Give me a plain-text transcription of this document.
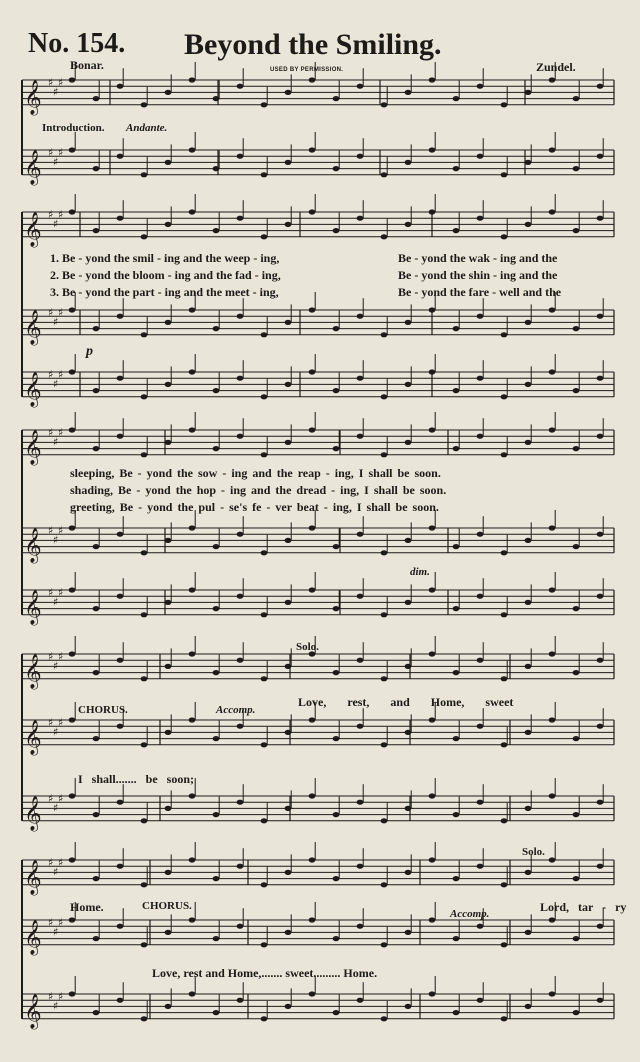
No. 154. Beyond the Smiling.
Bonar.	Zundel.
USED BY PERMISSION.
𝄞 ♯
♯
♯
𝄞 ♯
♯
♯
𝄞 ♯
♯
♯
𝄞 ♯
♯
♯
𝄞 ♯
♯
♯
𝄞 ♯
♯
♯
𝄞 ♯
♯
♯
𝄞 ♯
♯
♯
𝄞 ♯
♯
♯
𝄞 ♯
♯
♯
𝄞 ♯
♯
♯
𝄞 ♯
♯
♯
𝄞 ♯
♯
♯
𝄞 ♯
♯
♯
Introduction. Andante.
1. Be - yond the smil - ing and the weep - ing,	Be - yond the wak - ing and the
2. Be - yond the bloom - ing and the fad - ing,	Be - yond the shin - ing and the
3. Be - yond the part - ing and the meet - ing,	Be - yond the fare - well and the
p
sleeping, Be - yond the sow - ing and the reap - ing, I shall be soon.
shading, Be - yond the hop - ing and the dread - ing, I shall be soon.
greeting, Be - yond the pul - se's fe - ver beat - ing, I shall be soon.
dim.
Solo.
CHORUS.	Accomp.
Love, rest, and Home, sweet
I shall....... be soon;
Solo.
Home.	CHORUS.
Accomp.	Lord, tar - ry
Love, rest and Home,....... sweet......... Home.
